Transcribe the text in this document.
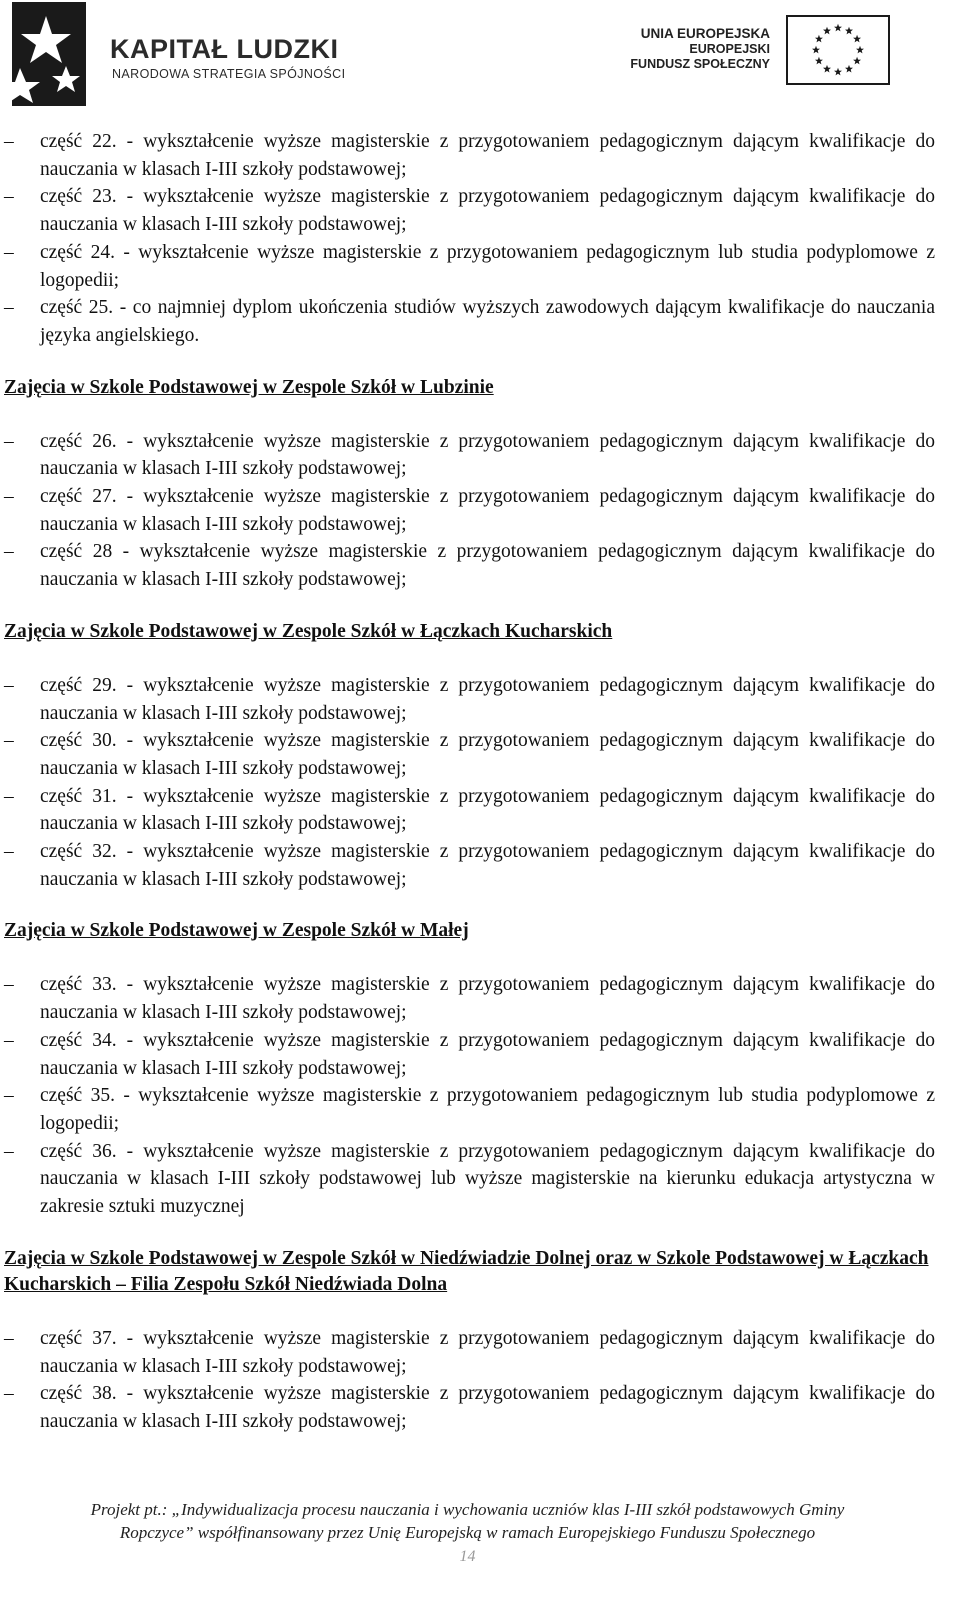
KAPITAŁ LUDZKI
NARODOWA STRATEGIA SPÓJNOŚCI
UNIA EUROPEJSKA
EUROPEJSKI
FUNDUSZ SPOŁECZNY
– część 22. - wykształcenie wyższe magisterskie z przygotowaniem pedagogicznym dającym kwalifikacje do nauczania w klasach I-III szkoły podstawowej;
– część 23. - wykształcenie wyższe magisterskie z przygotowaniem pedagogicznym dającym kwalifikacje do nauczania w klasach I-III szkoły podstawowej;
– część 24. - wykształcenie wyższe magisterskie z przygotowaniem pedagogicznym lub studia podyplomowe z logopedii;
– część 25. - co najmniej dyplom ukończenia studiów wyższych zawodowych dającym kwalifikacje do nauczania języka angielskiego.
Zajęcia w Szkole Podstawowej w Zespole Szkół w Lubzinie
– część 26. - wykształcenie wyższe magisterskie z przygotowaniem pedagogicznym dającym kwalifikacje do nauczania w klasach I-III szkoły podstawowej;
– część 27. - wykształcenie wyższe magisterskie z przygotowaniem pedagogicznym dającym kwalifikacje do nauczania w klasach I-III szkoły podstawowej;
– część 28 - wykształcenie wyższe magisterskie z przygotowaniem pedagogicznym dającym kwalifikacje do nauczania w klasach I-III szkoły podstawowej;
Zajęcia w Szkole Podstawowej w Zespole Szkół w Łączkach Kucharskich
– część 29. - wykształcenie wyższe magisterskie z przygotowaniem pedagogicznym dającym kwalifikacje do nauczania w klasach I-III szkoły podstawowej;
– część 30. - wykształcenie wyższe magisterskie z przygotowaniem pedagogicznym dającym kwalifikacje do nauczania w klasach I-III szkoły podstawowej;
– część 31. - wykształcenie wyższe magisterskie z przygotowaniem pedagogicznym dającym kwalifikacje do nauczania w klasach I-III szkoły podstawowej;
– część 32. - wykształcenie wyższe magisterskie z przygotowaniem pedagogicznym dającym kwalifikacje do nauczania w klasach I-III szkoły podstawowej;
Zajęcia w Szkole Podstawowej w Zespole Szkół w Małej
– część 33. - wykształcenie wyższe magisterskie z przygotowaniem pedagogicznym dającym kwalifikacje do nauczania w klasach I-III szkoły podstawowej;
– część 34. - wykształcenie wyższe magisterskie z przygotowaniem pedagogicznym dającym kwalifikacje do nauczania w klasach I-III szkoły podstawowej;
– część 35. - wykształcenie wyższe magisterskie z przygotowaniem pedagogicznym lub studia podyplomowe z logopedii;
– część 36. - wykształcenie wyższe magisterskie z przygotowaniem pedagogicznym dającym kwalifikacje do nauczania w klasach I-III szkoły podstawowej lub wyższe magisterskie na kierunku edukacja artystyczna w zakresie sztuki muzycznej
Zajęcia w Szkole Podstawowej w Zespole Szkół w Niedźwiadzie Dolnej oraz w Szkole Podstawowej w Łączkach Kucharskich – Filia Zespołu Szkół Niedźwiada Dolna
– część 37. - wykształcenie wyższe magisterskie z przygotowaniem pedagogicznym dającym kwalifikacje do nauczania w klasach I-III szkoły podstawowej;
– część 38. - wykształcenie wyższe magisterskie z przygotowaniem pedagogicznym dającym kwalifikacje do nauczania w klasach I-III szkoły podstawowej;
Projekt pt.: „Indywidualizacja procesu nauczania i wychowania uczniów klas I-III szkół podstawowych Gminy
Ropczyce” współfinansowany przez Unię Europejską w ramach Europejskiego Funduszu Społecznego
14
